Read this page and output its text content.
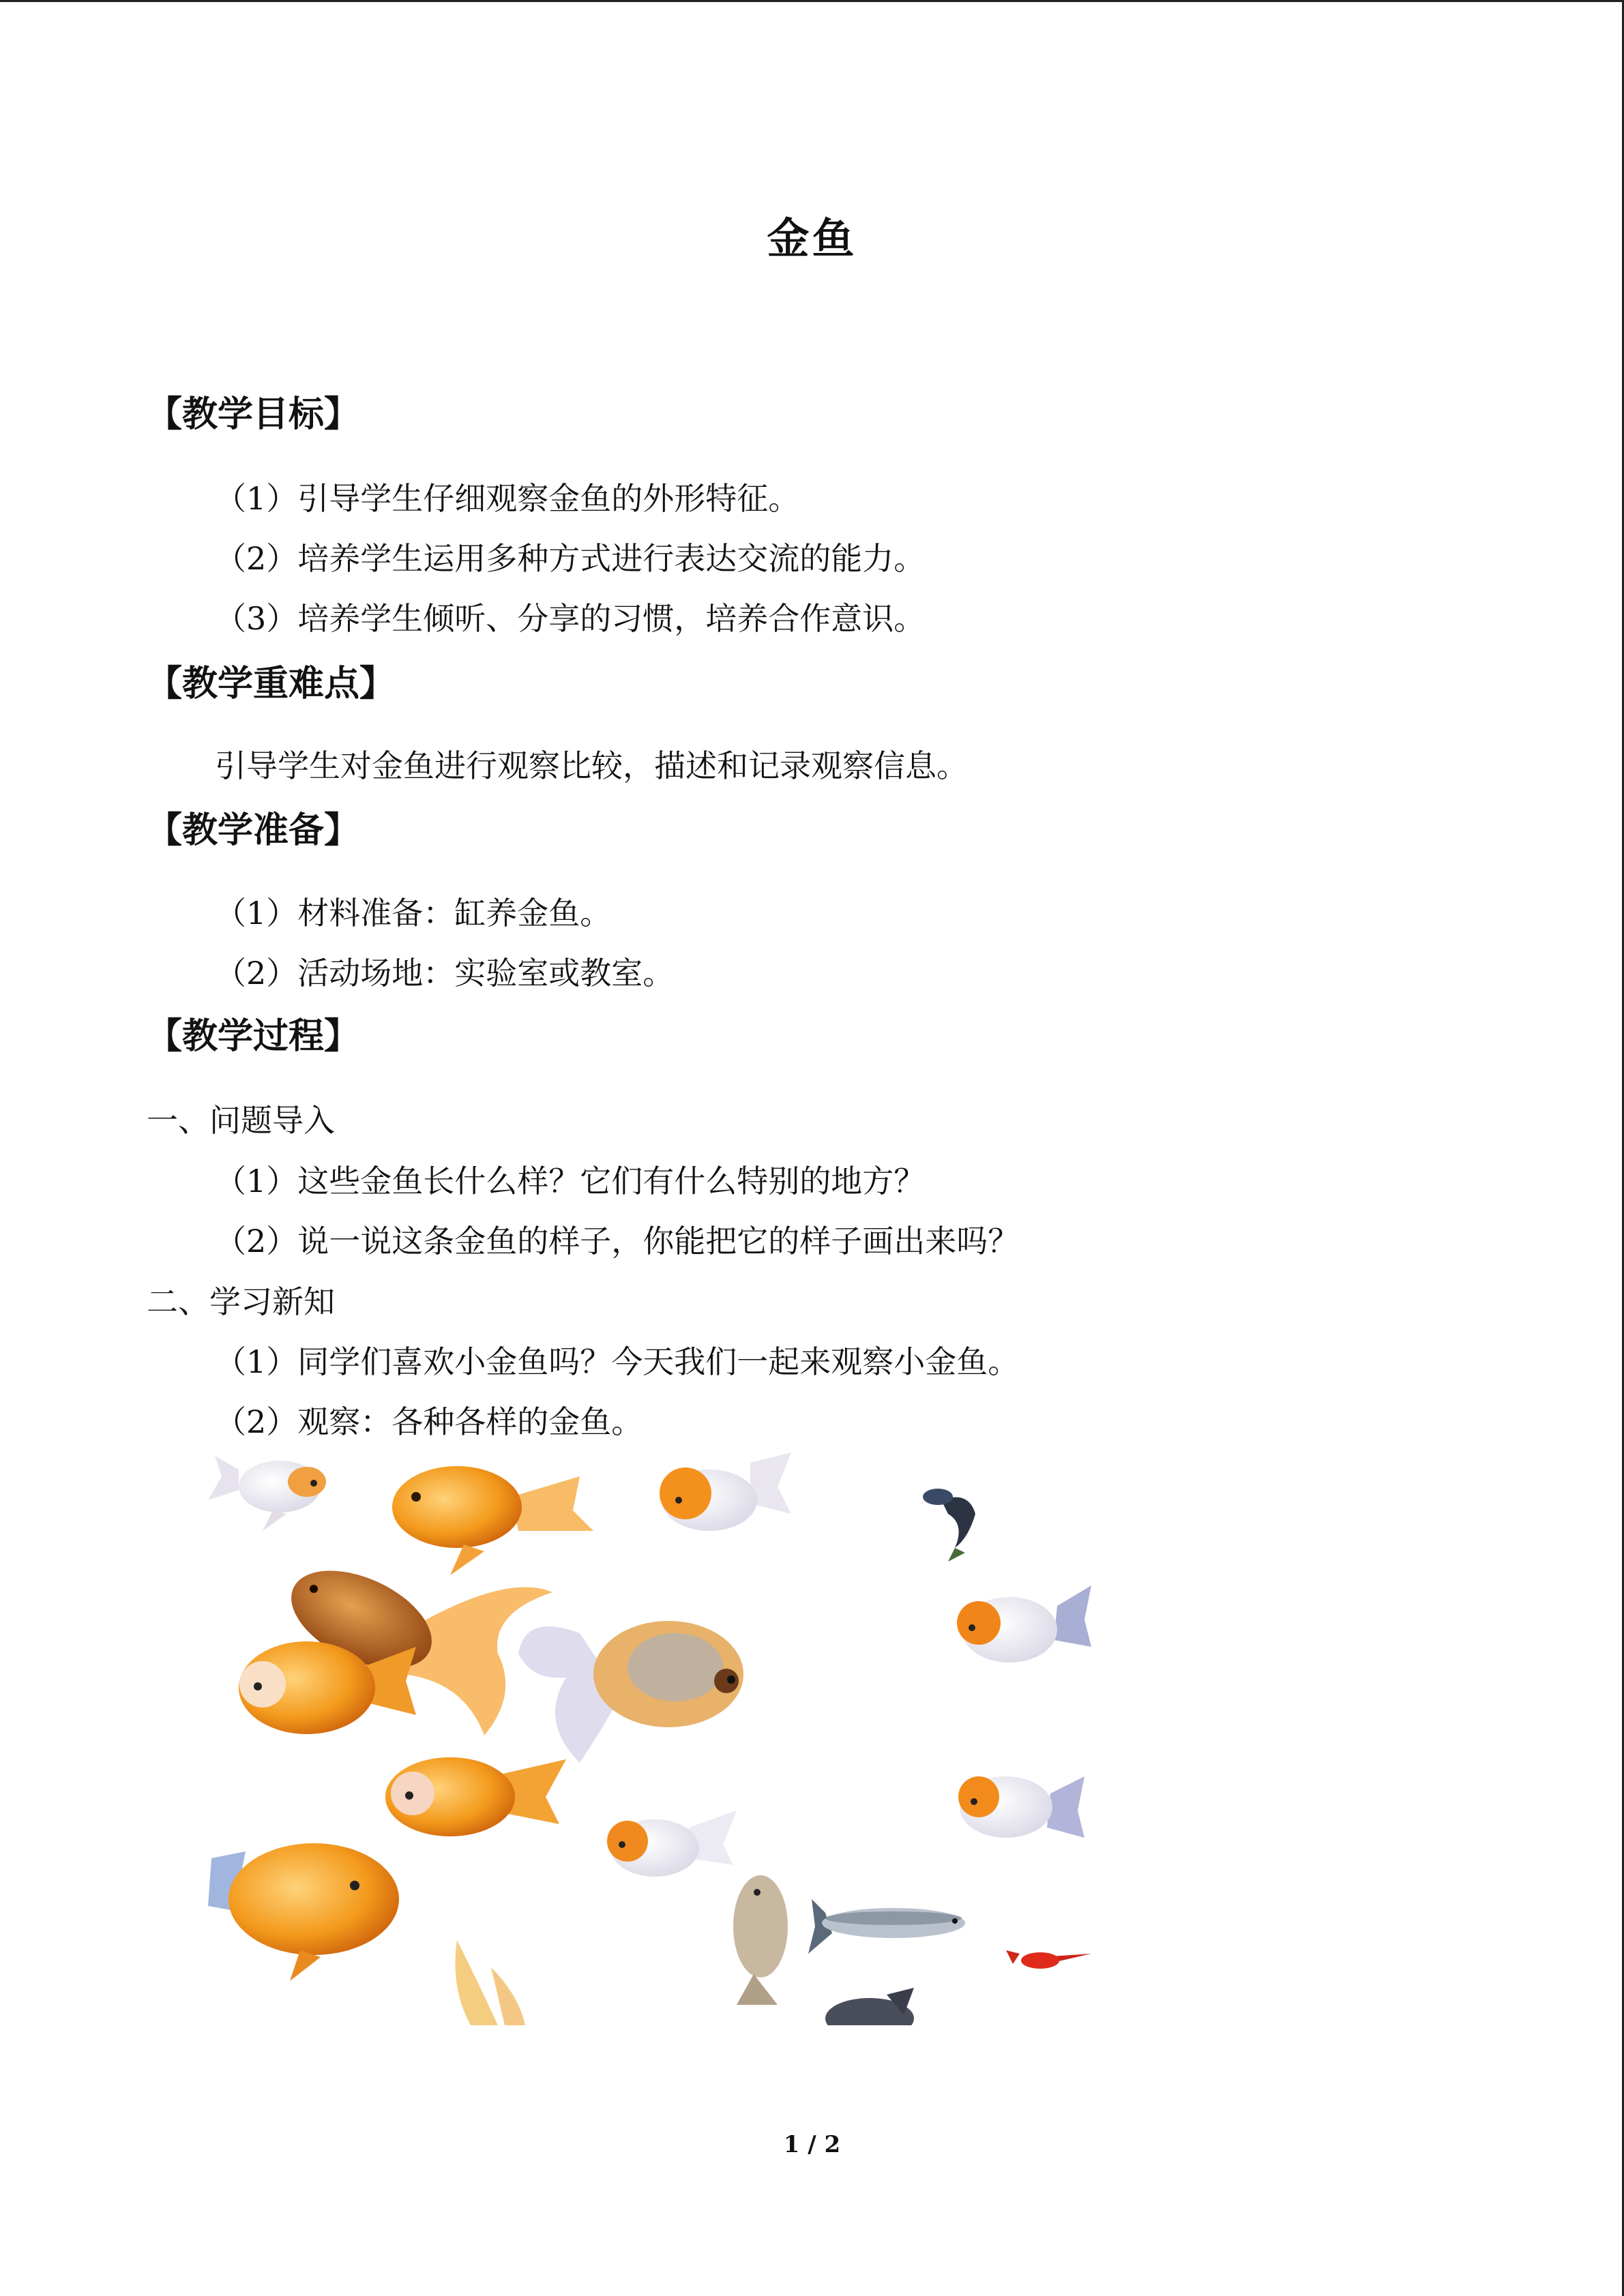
金鱼
【教学目标】
（1）引导学生仔细观察金鱼的外形特征。
（2）培养学生运用多种方式进行表达交流的能力。
（3）培养学生倾听、分享的习惯，培养合作意识。
【教学重难点】
引导学生对金鱼进行观察比较，描述和记录观察信息。
【教学准备】
（1）材料准备：缸养金鱼。
（2）活动场地：实验室或教室。
【教学过程】
一、问题导入
（1）这些金鱼长什么样？它们有什么特别的地方？
（2）说一说这条金鱼的样子，你能把它的样子画出来吗？
二、学习新知
（1）同学们喜欢小金鱼吗？今天我们一起来观察小金鱼。
（2）观察：各种各样的金鱼。
1 / 2
